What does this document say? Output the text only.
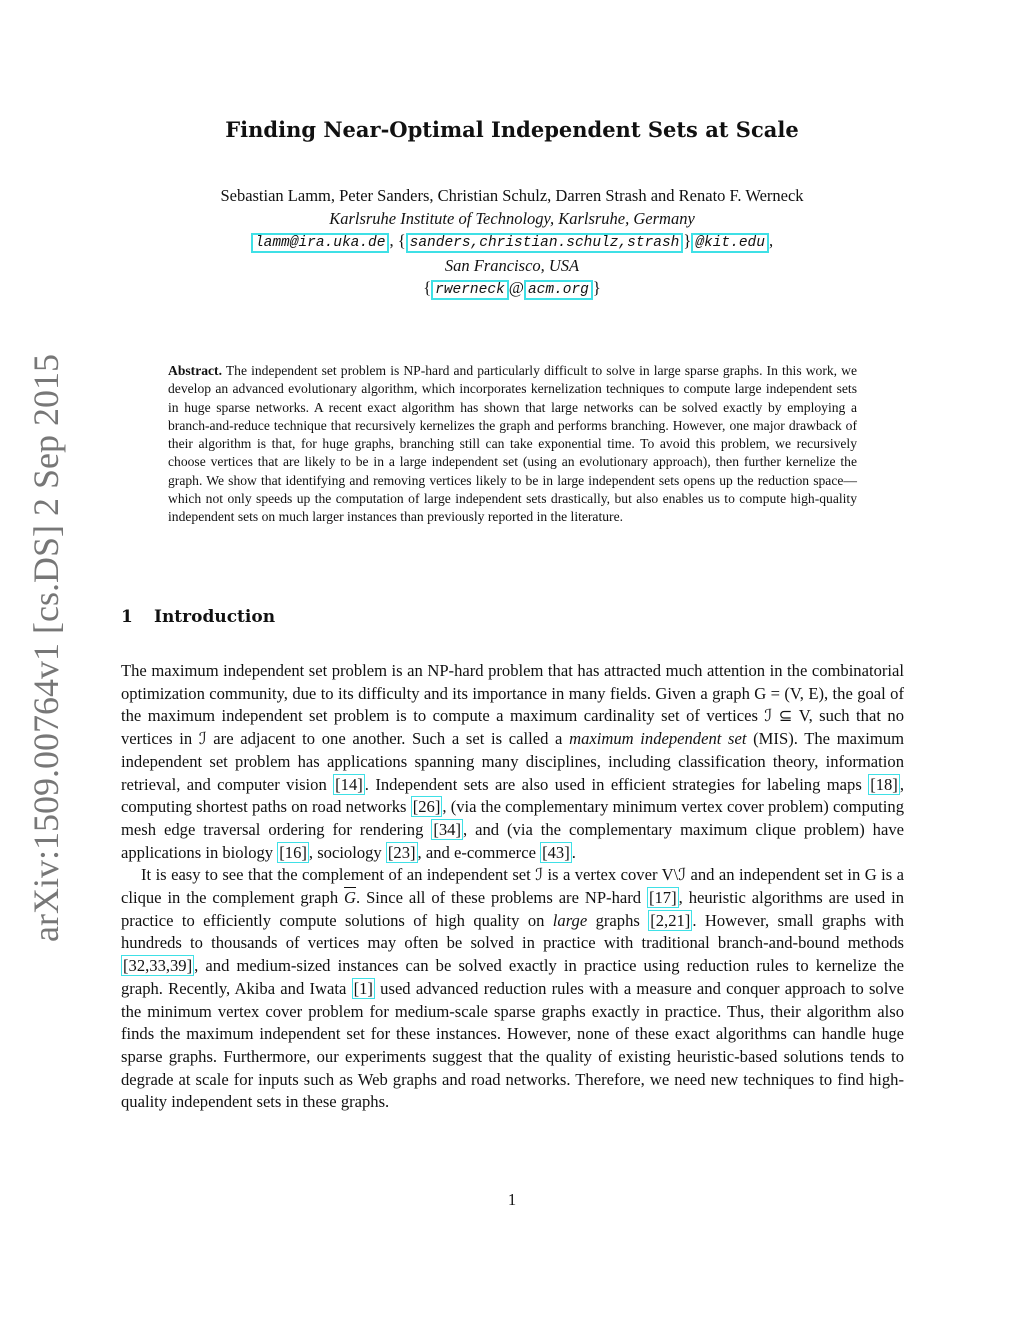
arXiv:1509.00764v1 [cs.DS] 2 Sep 2015
Finding Near-Optimal Independent Sets at Scale
Sebastian Lamm, Peter Sanders, Christian Schulz, Darren Strash and Renato F. Werneck
Karlsruhe Institute of Technology, Karlsruhe, Germany
lamm@ira.uka.de , { sanders,christian.schulz,strash } @kit.edu ,
San Francisco, USA
{ rwerneck @ acm.org }
Abstract. The independent set problem is NP-hard and particularly difficult to solve in large sparse graphs. In this work, we develop an advanced evolutionary algorithm, which incorporates kernelization techniques to compute large independent sets in huge sparse networks. A recent exact algorithm has shown that large networks can be solved exactly by employing a branch-and-reduce technique that recursively kernelizes the graph and performs branching. However, one major drawback of their algorithm is that, for huge graphs, branching still can take exponential time. To avoid this problem, we recursively choose vertices that are likely to be in a large independent set (using an evolutionary approach), then further kernelize the graph. We show that identifying and removing vertices likely to be in large independent sets opens up the reduction space—which not only speeds up the computation of large independent sets drastically, but also enables us to compute high-quality independent sets on much larger instances than previously reported in the literature.
1 Introduction

The maximum independent set problem is an NP-hard problem that has attracted much attention in the combinatorial optimization community, due to its difficulty and its importance in many fields. Given a graph G = (V, E), the goal of the maximum independent set problem is to compute a maximum cardinality set of vertices ℐ ⊆ V, such that no vertices in ℐ are adjacent to one another. Such a set is called a maximum independent set (MIS). The maximum independent set problem has applications spanning many disciplines, including classification theory, information retrieval, and computer vision [14] . Independent sets are also used in efficient strategies for labeling maps [18] , computing shortest paths on road networks [26] , (via the complementary minimum vertex cover problem) computing mesh edge traversal ordering for rendering [34] , and (via the complementary maximum clique problem) have applications in biology [16] , sociology [23] , and e-commerce [43] .

It is easy to see that the complement of an independent set ℐ is a vertex cover V\ℐ and an independent set in G is a clique in the complement graph $\overline{G}$. Since all of these problems are NP-hard [17] , heuristic algorithms are used in practice to efficiently compute solutions of high quality on large graphs [2,21] . However, small graphs with hundreds to thousands of vertices may often be solved in practice with traditional branch-and-bound methods [32,33,39] , and medium-sized instances can be solved exactly in practice using reduction rules to kernelize the graph. Recently, Akiba and Iwata [1] used advanced reduction rules with a measure and conquer approach to solve the minimum vertex cover problem for medium-scale sparse graphs exactly in practice. Thus, their algorithm also finds the maximum independent set for these instances. However, none of these exact algorithms can handle huge sparse graphs. Furthermore, our experiments suggest that the quality of existing heuristic-based solutions tends to degrade at scale for inputs such as Web graphs and road networks. Therefore, we need new techniques to find high-quality independent sets in these graphs.

1
